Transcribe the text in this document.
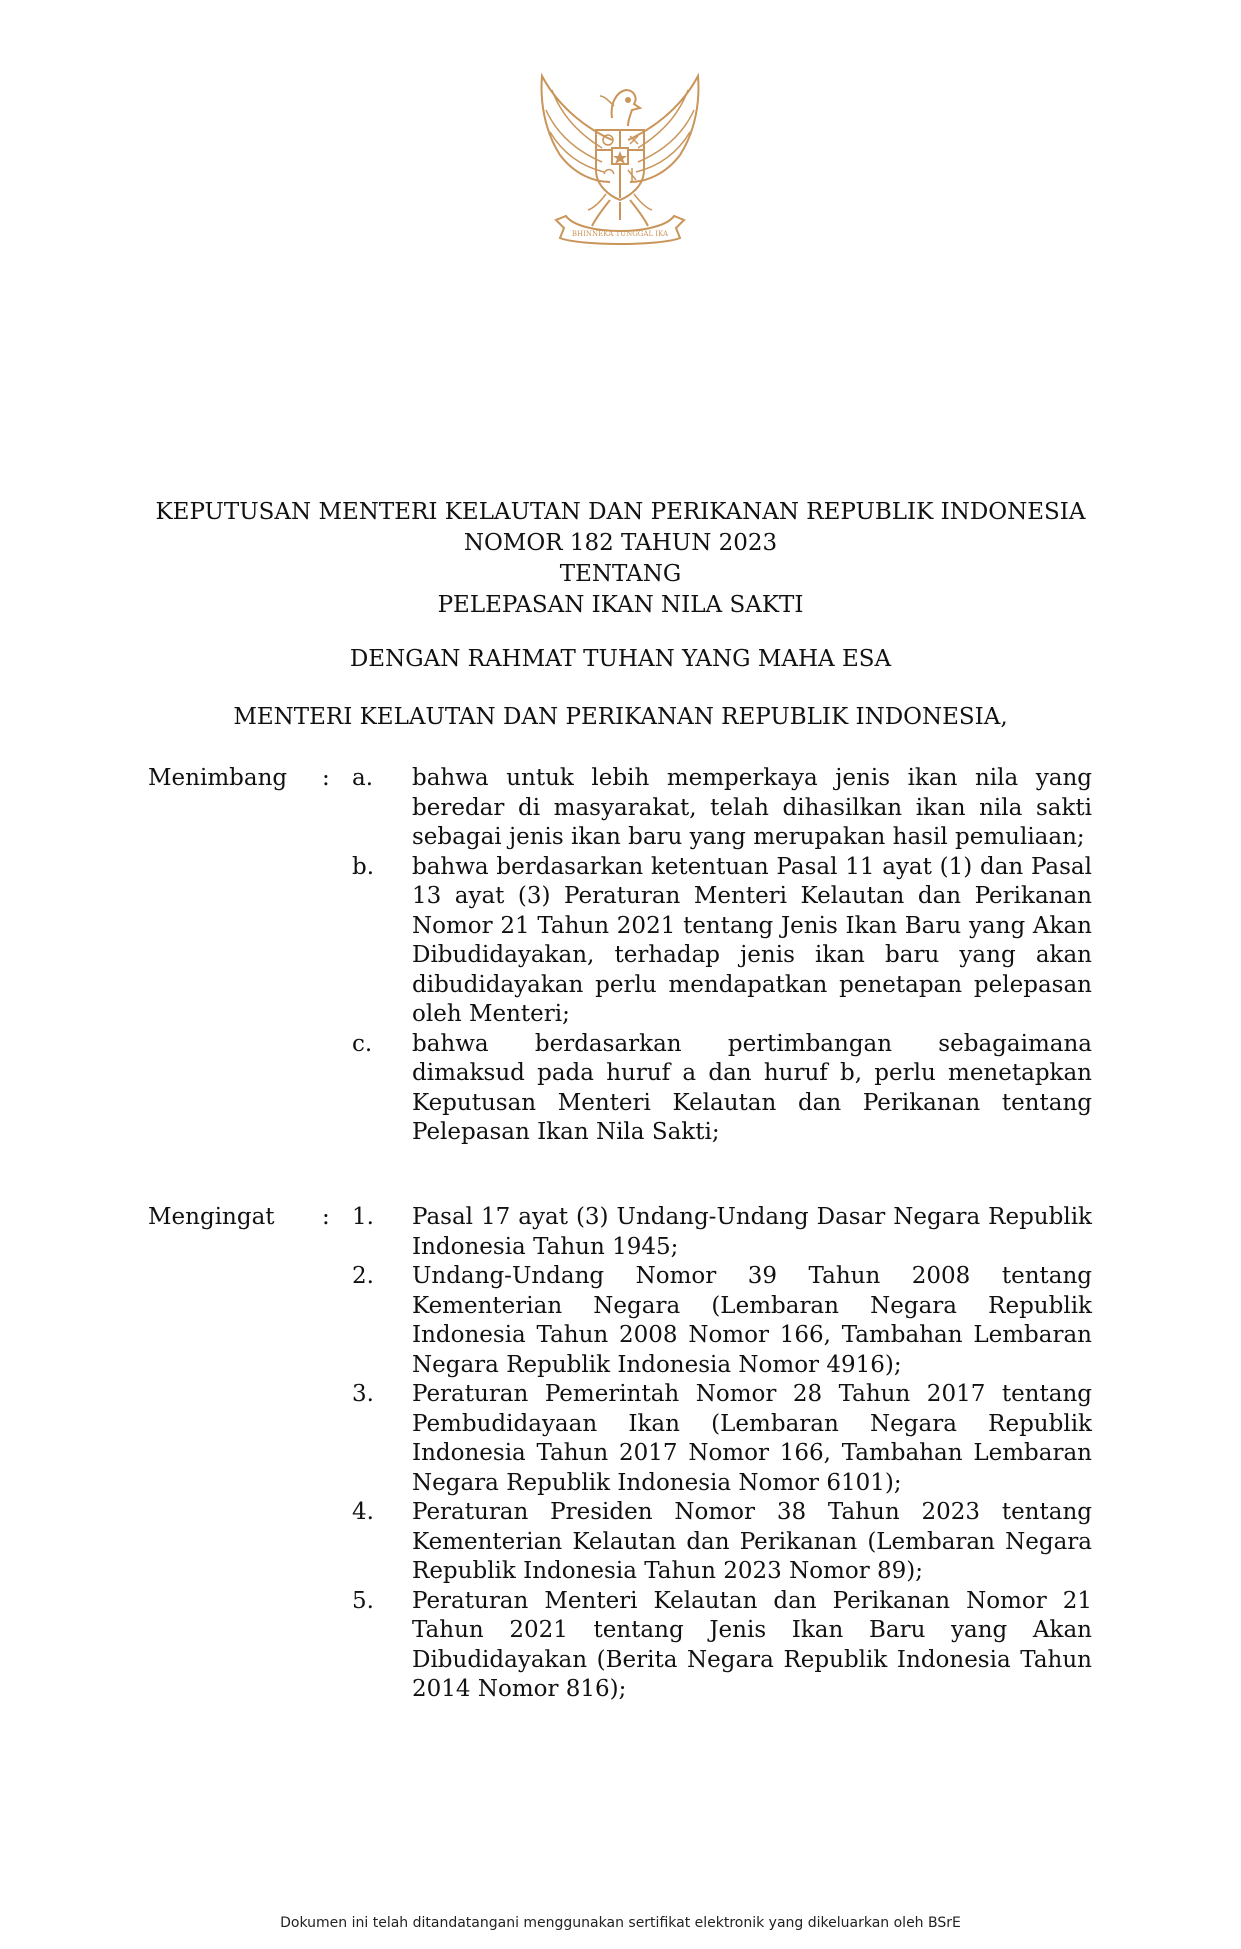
BHINNEKA TUNGGAL IKA
KEPUTUSAN MENTERI KELAUTAN DAN PERIKANAN REPUBLIK INDONESIA
NOMOR 182 TAHUN 2023
TENTANG
PELEPASAN IKAN NILA SAKTI
DENGAN RAHMAT TUHAN YANG MAHA ESA
MENTERI KELAUTAN DAN PERIKANAN REPUBLIK INDONESIA,
Menimbang : a. bahwa untuk lebih memperkaya jenis ikan nila yang beredar di masyarakat, telah dihasilkan ikan nila sakti sebagai jenis ikan baru yang merupakan hasil pemuliaan;
b. bahwa berdasarkan ketentuan Pasal 11 ayat (1) dan Pasal 13 ayat (3) Peraturan Menteri Kelautan dan Perikanan Nomor 21 Tahun 2021 tentang Jenis Ikan Baru yang Akan Dibudidayakan, terhadap jenis ikan baru yang akan dibudidayakan perlu mendapatkan penetapan pelepasan oleh Menteri;
c. bahwa berdasarkan pertimbangan sebagaimana dimaksud pada huruf a dan huruf b, perlu menetapkan Keputusan Menteri Kelautan dan Perikanan tentang Pelepasan Ikan Nila Sakti;
Mengingat : 1. Pasal 17 ayat (3) Undang-Undang Dasar Negara Republik Indonesia Tahun 1945;
2. Undang-Undang Nomor 39 Tahun 2008 tentang Kementerian Negara (Lembaran Negara Republik Indonesia Tahun 2008 Nomor 166, Tambahan Lembaran Negara Republik Indonesia Nomor 4916);
3. Peraturan Pemerintah Nomor 28 Tahun 2017 tentang Pembudidayaan Ikan (Lembaran Negara Republik Indonesia Tahun 2017 Nomor 166, Tambahan Lembaran Negara Republik Indonesia Nomor 6101);
4. Peraturan Presiden Nomor 38 Tahun 2023 tentang Kementerian Kelautan dan Perikanan (Lembaran Negara Republik Indonesia Tahun 2023 Nomor 89);
5. Peraturan Menteri Kelautan dan Perikanan Nomor 21 Tahun 2021 tentang Jenis Ikan Baru yang Akan Dibudidayakan (Berita Negara Republik Indonesia Tahun 2014 Nomor 816);
Dokumen ini telah ditandatangani menggunakan sertifikat elektronik yang dikeluarkan oleh BSrE
